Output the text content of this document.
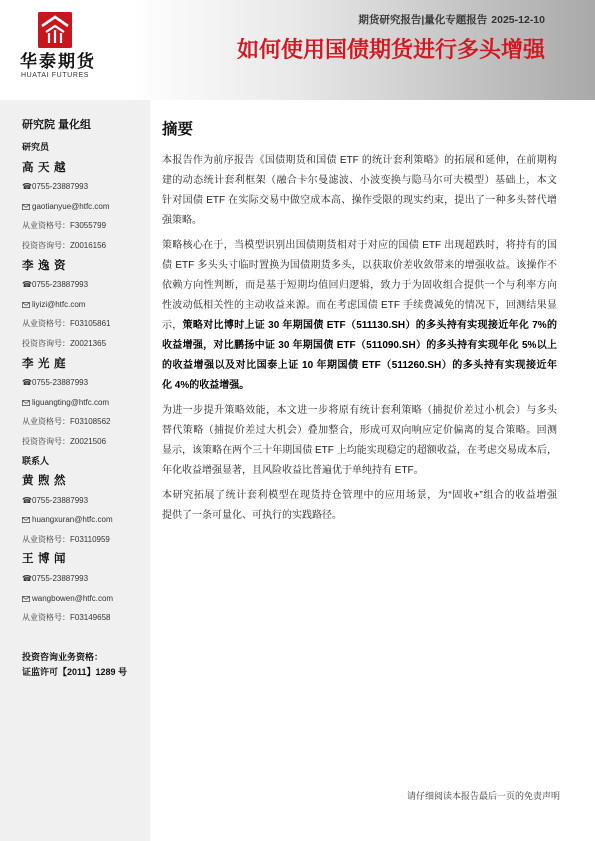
华泰期货
HUATAI FUTURES
期货研究报告|量化专题报告 2025-12-10
如何使用国债期货进行多头增强
研究院 量化组
研究员
高天越
☎0755-23887993
gaotianyue@htfc.com
从业资格号：F3055799
投资咨询号：Z0016156
李逸资
☎0755-23887993
liyizi@htfc.com
从业资格号：F03105861
投资咨询号：Z0021365
李光庭
☎0755-23887993
liguangting@htfc.com
从业资格号：F03108562
投资咨询号：Z0021506
联系人
黄煦然
☎0755-23887993
huangxuran@htfc.com
从业资格号：F03110959
王博闻
☎0755-23887993
wangbowen@htfc.com
从业资格号：F03149658
投资咨询业务资格：
证监许可【2011】1289 号
摘要
本报告作为前序报告《国债期货和国债 ETF 的统计套利策略》的拓展和延伸，在前期构
建的动态统计套利框架（融合卡尔曼滤波、小波变换与隐马尔可夫模型）基础上，本文
针对国债 ETF 在实际交易中做空成本高、操作受限的现实约束，提出了一种多头替代增
强策略。
策略核心在于，当模型识别出国债期货相对于对应的国债 ETF 出现超跌时，将持有的国
债 ETF 多头头寸临时置换为国债期货多头，以获取价差收敛带来的增强收益。该操作不
依赖方向性判断，而是基于短期均值回归逻辑，致力于为固收组合提供一个与利率方向
性波动低相关性的主动收益来源。而在考虑国债 ETF 手续费减免的情况下，回测结果显
示，策略对比博时上证 30 年期国债 ETF（511130.SH）的多头持有实现接近年化 7%的
收益增强，对比鹏扬中证 30 年期国债 ETF（511090.SH）的多头持有实现年化 5%以上
的收益增强以及对比国泰上证 10 年期国债 ETF（511260.SH）的多头持有实现接近年
化 4%的收益增强。
为进一步提升策略效能，本文进一步将原有统计套利策略（捕捉价差过小机会）与多头
替代策略（捕捉价差过大机会）叠加整合，形成可双向响应定价偏离的复合策略。回测
显示，该策略在两个三十年期国债 ETF 上均能实现稳定的超额收益，在考虑交易成本后，
年化收益增强显著，且风险收益比普遍优于单纯持有 ETF。
本研究拓展了统计套利模型在现货持仓管理中的应用场景，为“固收+”组合的收益增强
提供了一条可量化、可执行的实践路径。
请仔细阅读本报告最后一页的免责声明
